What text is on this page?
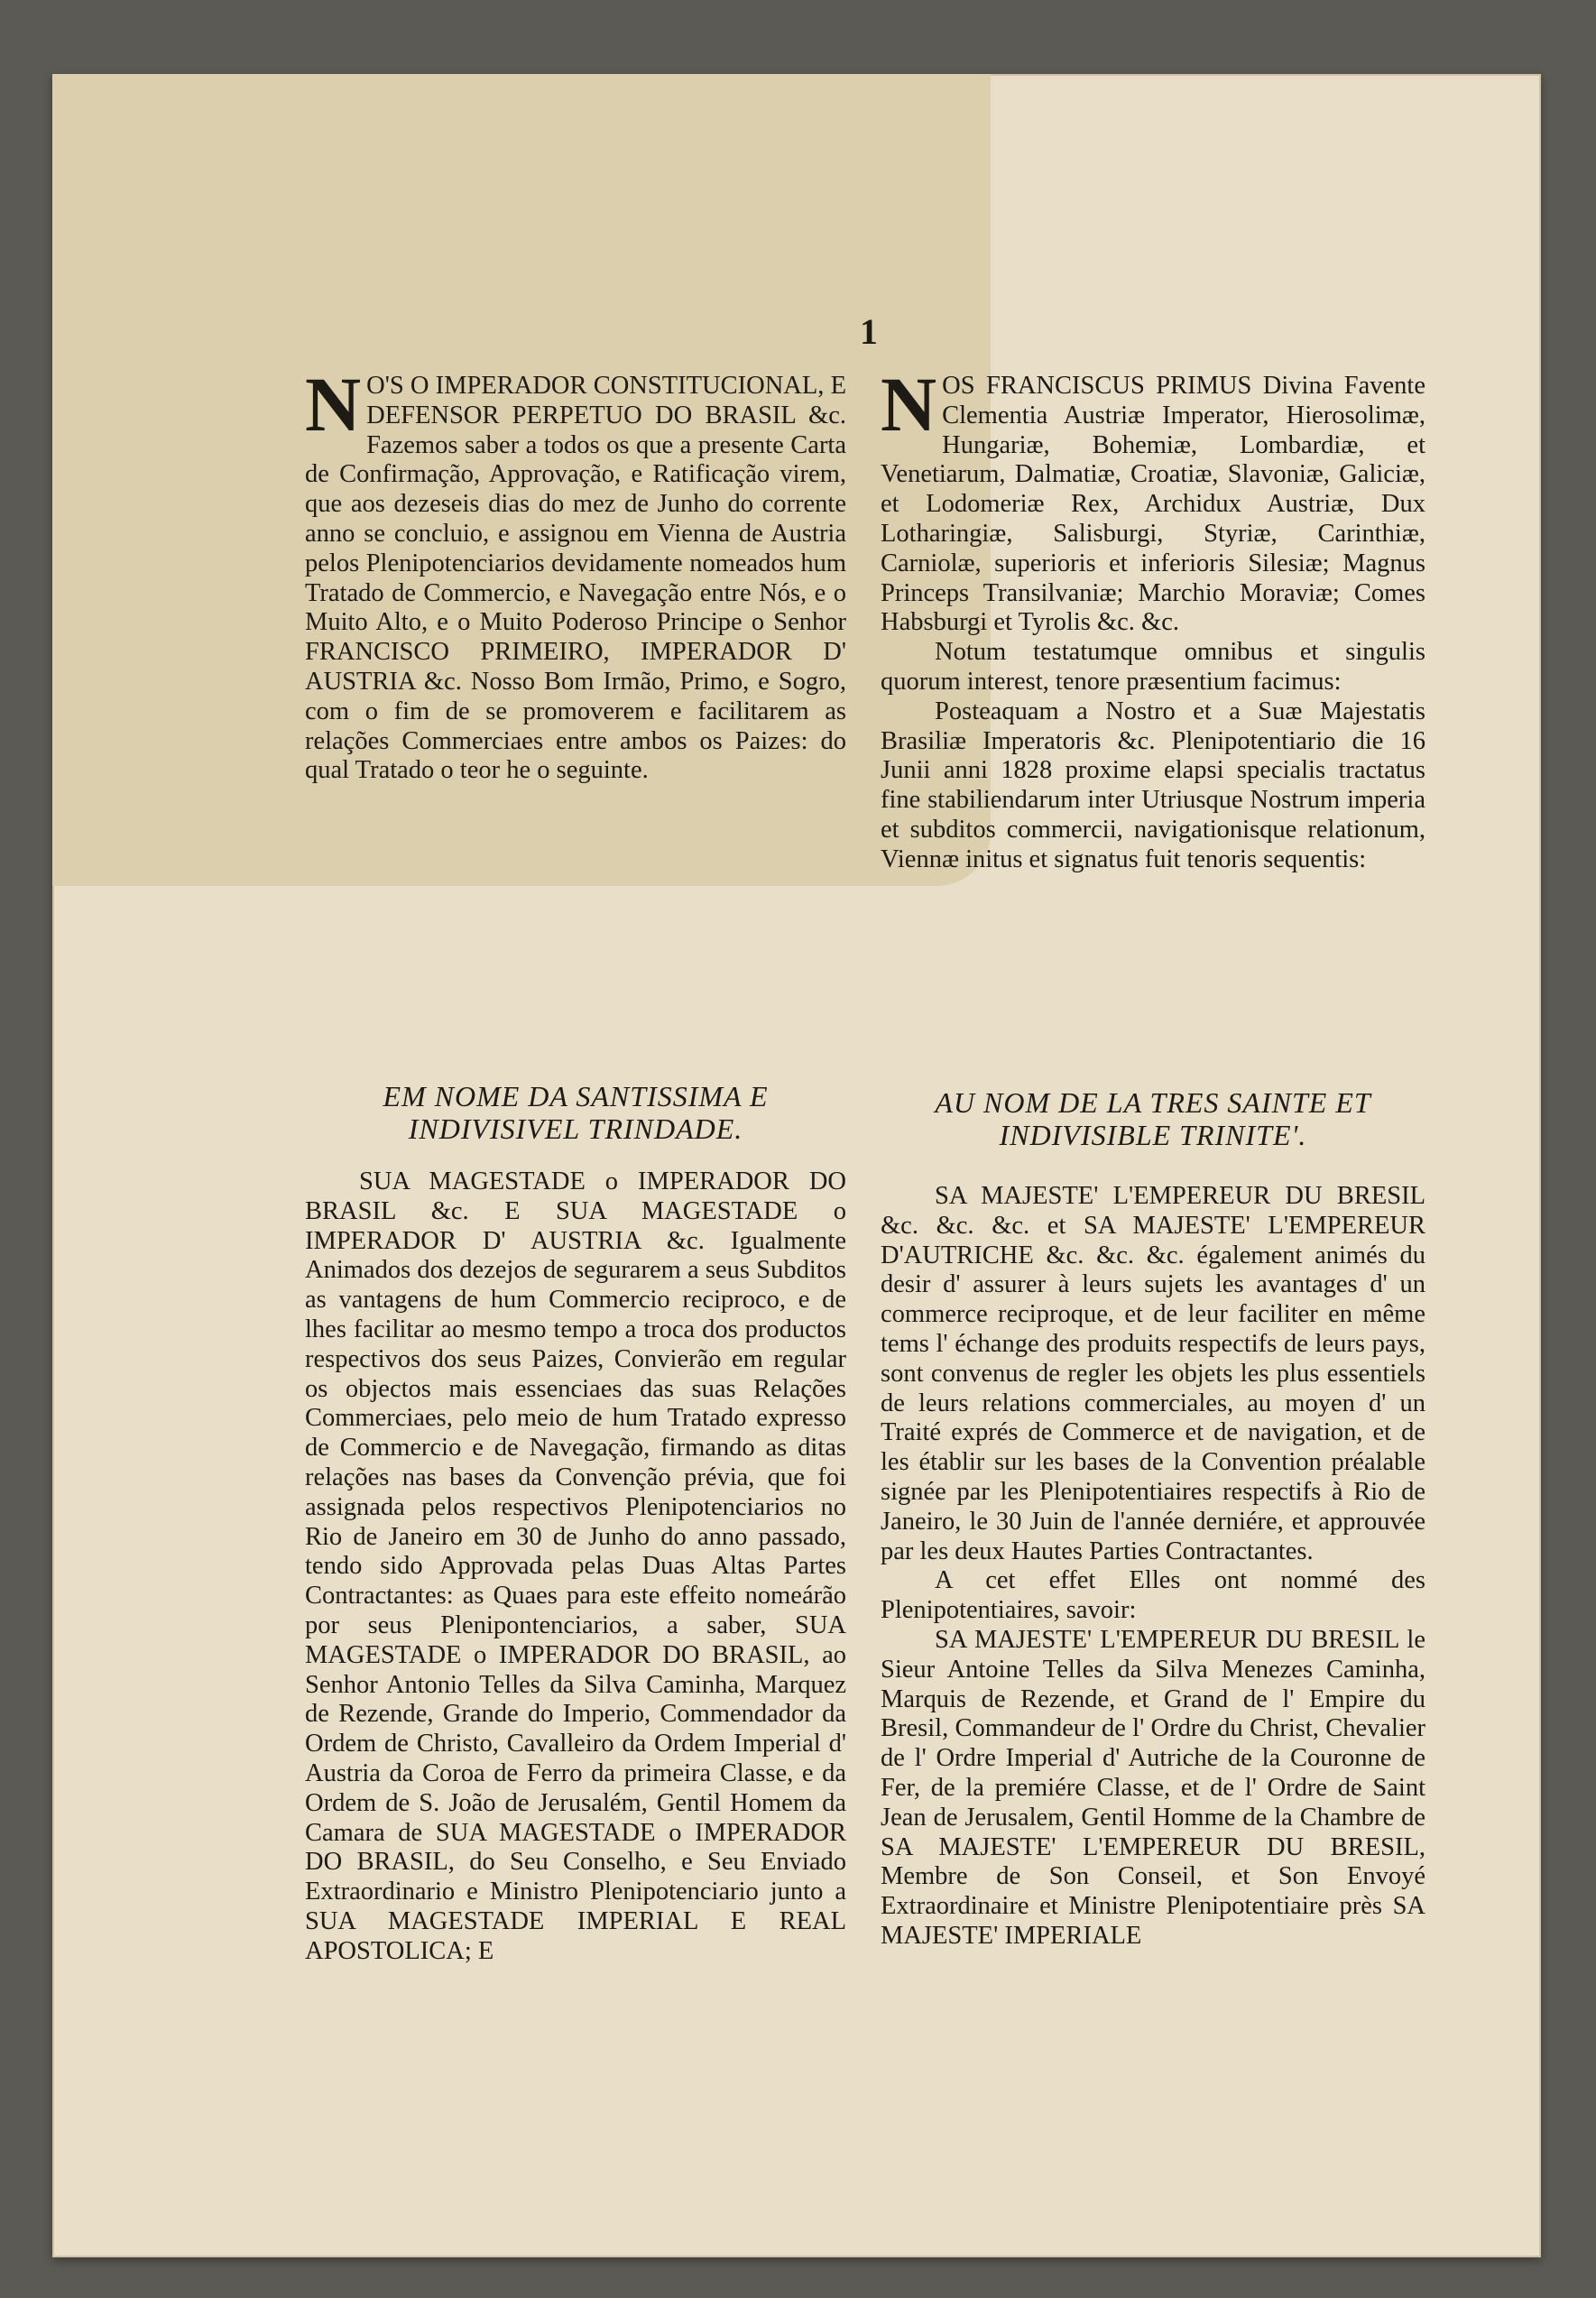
1

N O'S O IMPERADOR CONSTITUCIONAL, E DEFENSOR PERPETUO DO BRASIL &c. Fazemos saber a todos os que a presente Carta de Confirmação, Approvação, e Ratificação virem, que aos dezeseis dias do mez de Junho do corrente anno se concluio, e assignou em Vienna de Austria pelos Plenipotenciarios devidamente nomeados hum Tratado de Commercio, e Navegação entre Nós, e o Muito Alto, e o Muito Poderoso Principe o Senhor FRANCISCO PRIMEIRO, IMPERADOR D' AUSTRIA &c. Nosso Bom Irmão, Primo, e Sogro, com o fim de se promoverem e facilitarem as relações Commerciaes entre ambos os Paizes: do qual Tratado o teor he o seguinte.

EM NOME DA SANTISSIMA E INDIVISIVEL TRINDADE.

SUA MAGESTADE o IMPERADOR DO BRASIL &c. E SUA MAGESTADE o IMPERADOR D' AUSTRIA &c. Igualmente Animados dos dezejos de segurarem a seus Subditos as vantagens de hum Commercio reciproco, e de lhes facilitar ao mesmo tempo a troca dos productos respectivos dos seus Paizes, Convierão em regular os objectos mais essenciaes das suas Relações Commerciaes, pelo meio de hum Tratado expresso de Commercio e de Navegação, firmando as ditas relações nas bases da Convenção prévia, que foi assignada pelos respectivos Plenipotenciarios no Rio de Janeiro em 30 de Junho do anno passado, tendo sido Approvada pelas Duas Altas Partes Contractantes: as Quaes para este effeito nomeárão por seus Plenipontenciarios, a saber, SUA MAGESTADE o IMPERADOR DO BRASIL, ao Senhor Antonio Telles da Silva Caminha, Marquez de Rezende, Grande do Imperio, Commendador da Ordem de Christo, Cavalleiro da Ordem Imperial d' Austria da Coroa de Ferro da primeira Classe, e da Ordem de S. João de Jerusalém, Gentil Homem da Camara de SUA MAGESTADE o IMPERADOR DO BRASIL, do Seu Conselho, e Seu Enviado Extraordinario e Ministro Plenipotenciario junto a SUA MAGESTADE IMPERIAL E REAL APOSTOLICA; E

NOS FRANCISCUS PRIMUS Divina Favente Clementia Austriæ Imperator, Hierosolimæ, Hungariæ, Bohemiæ, Lombardiæ, et Venetiarum, Dalmatiæ, Croatiæ, Slavoniæ, Galiciæ, et Lodomeriæ Rex, Archidux Austriæ, Dux Lotharingiæ, Salisburgi, Styriæ, Carinthiæ, Carniolæ, superioris et inferioris Silesiæ; Magnus Princeps Transilvaniæ; Marchio Moraviæ; Comes Habsburgi et Tyrolis &c. &c.

Notum testatumque omnibus et singulis quorum interest, tenore præsentium facimus:

Posteaquam a Nostro et a Suæ Majestatis Brasiliæ Imperatoris &c. Plenipotentiario die 16 Junii anni 1828 proxime elapsi specialis tractatus fine stabiliendarum inter Utriusque Nostrum imperia et subditos commercii, navigationisque relationum, Viennæ initus et signatus fuit tenoris sequentis:

AU NOM DE LA TRES SAINTE ET INDIVISIBLE TRINITE'.

SA MAJESTE' L'EMPEREUR DU BRESIL &c. &c. &c. et SA MAJESTE' L'EMPEREUR D'AUTRICHE &c. &c. &c. également animés du desir d' assurer à leurs sujets les avantages d' un commerce reciproque, et de leur faciliter en même tems l' échange des produits respectifs de leurs pays, sont convenus de regler les objets les plus essentiels de leurs relations commerciales, au moyen d' un Traité exprés de Commerce et de navigation, et de les établir sur les bases de la Convention préalable signée par les Plenipotentiaires respectifs à Rio de Janeiro, le 30 Juin de l'année derniére, et approuvée par les deux Hautes Parties Contractantes.

A cet effet Elles ont nommé des Plenipotentiaires, savoir:

SA MAJESTE' L'EMPEREUR DU BRESIL le Sieur Antoine Telles da Silva Menezes Caminha, Marquis de Rezende, et Grand de l' Empire du Bresil, Commandeur de l' Ordre du Christ, Chevalier de l' Ordre Imperial d' Autriche de la Couronne de Fer, de la premiére Classe, et de l' Ordre de Saint Jean de Jerusalem, Gentil Homme de la Chambre de SA MAJESTE' L'EMPEREUR DU BRESIL, Membre de Son Conseil, et Son Envoyé Extraordinaire et Ministre Plenipotentiaire près SA MAJESTE' IMPERIALE
